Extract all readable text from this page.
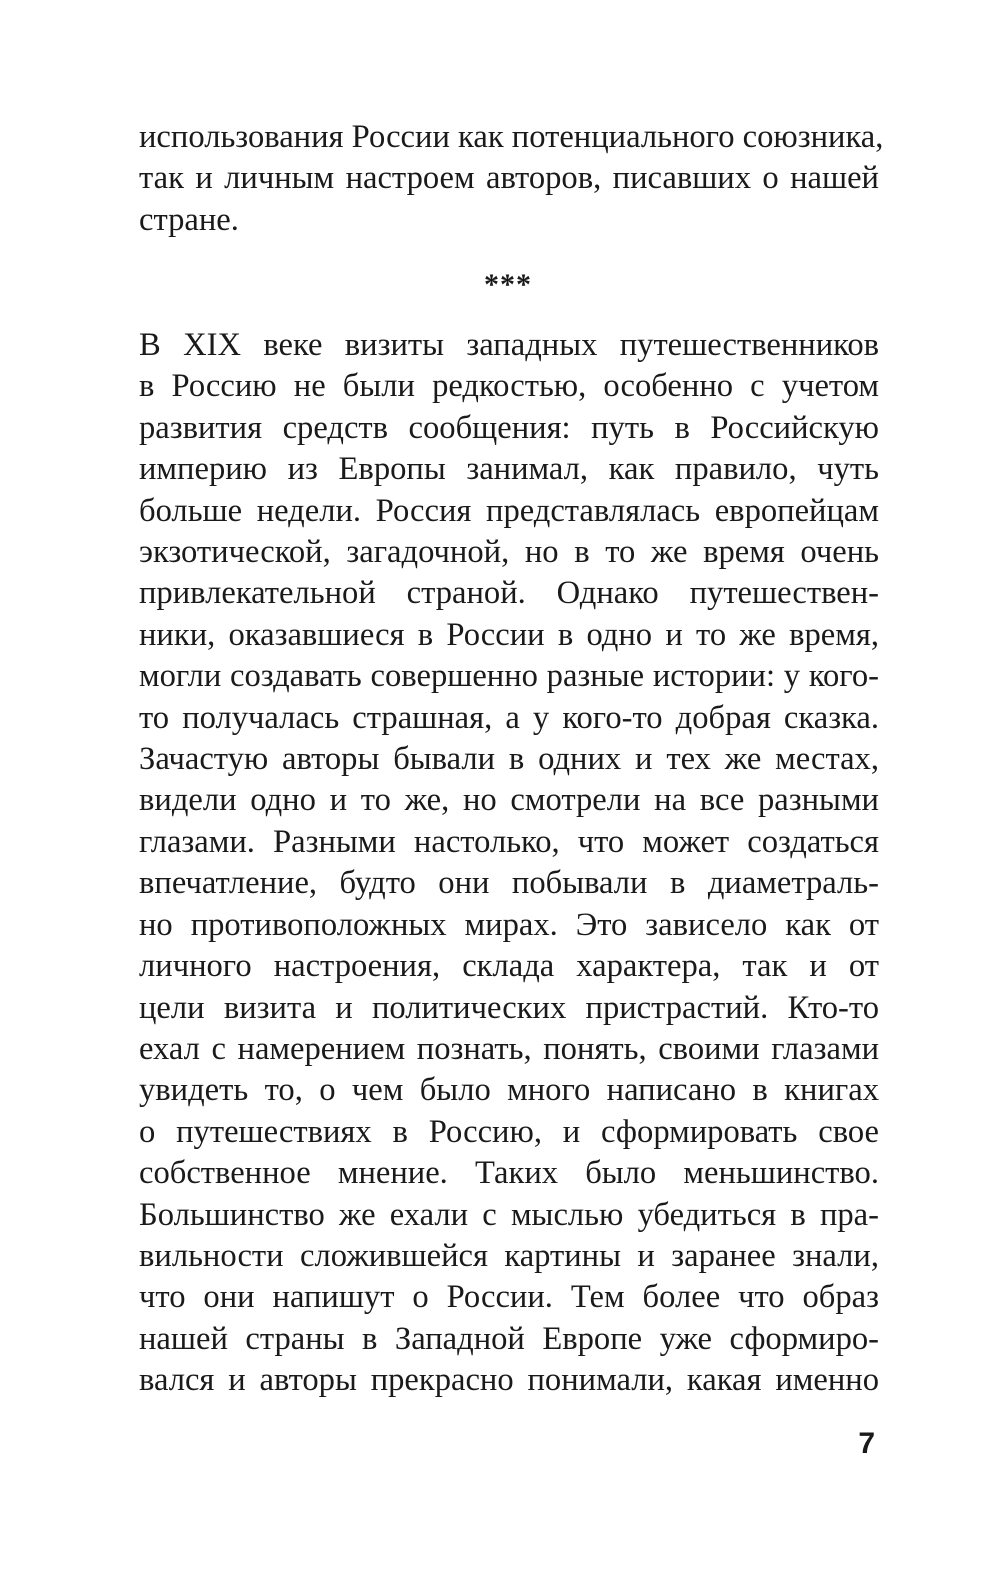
использования России как потенциального союзника,
так и личным настроем авторов, писавших о нашей
стране.
***
В XIX веке визиты западных путешественников
в Россию не были редкостью, особенно с учетом
развития средств сообщения: путь в Российскую
империю из Европы занимал, как правило, чуть
больше недели. Россия представлялась европейцам
экзотической, загадочной, но в то же время очень
привлекательной страной. Однако путешествен-
ники, оказавшиеся в России в одно и то же время,
могли создавать совершенно разные истории: у кого-
то получалась страшная, а у кого-то добрая сказка.
Зачастую авторы бывали в одних и тех же местах,
видели одно и то же, но смотрели на все разными
глазами. Разными настолько, что может создаться
впечатление, будто они побывали в диаметраль-
но противоположных мирах. Это зависело как от
личного настроения, склада характера, так и от
цели визита и политических пристрастий. Кто-то
ехал с намерением познать, понять, своими глазами
увидеть то, о чем было много написано в книгах
о путешествиях в Россию, и сформировать свое
собственное мнение. Таких было меньшинство.
Большинство же ехали с мыслью убедиться в пра-
вильности сложившейся картины и заранее знали,
что они напишут о России. Тем более что образ
нашей страны в Западной Европе уже сформиро-
вался и авторы прекрасно понимали, какая именно
7
